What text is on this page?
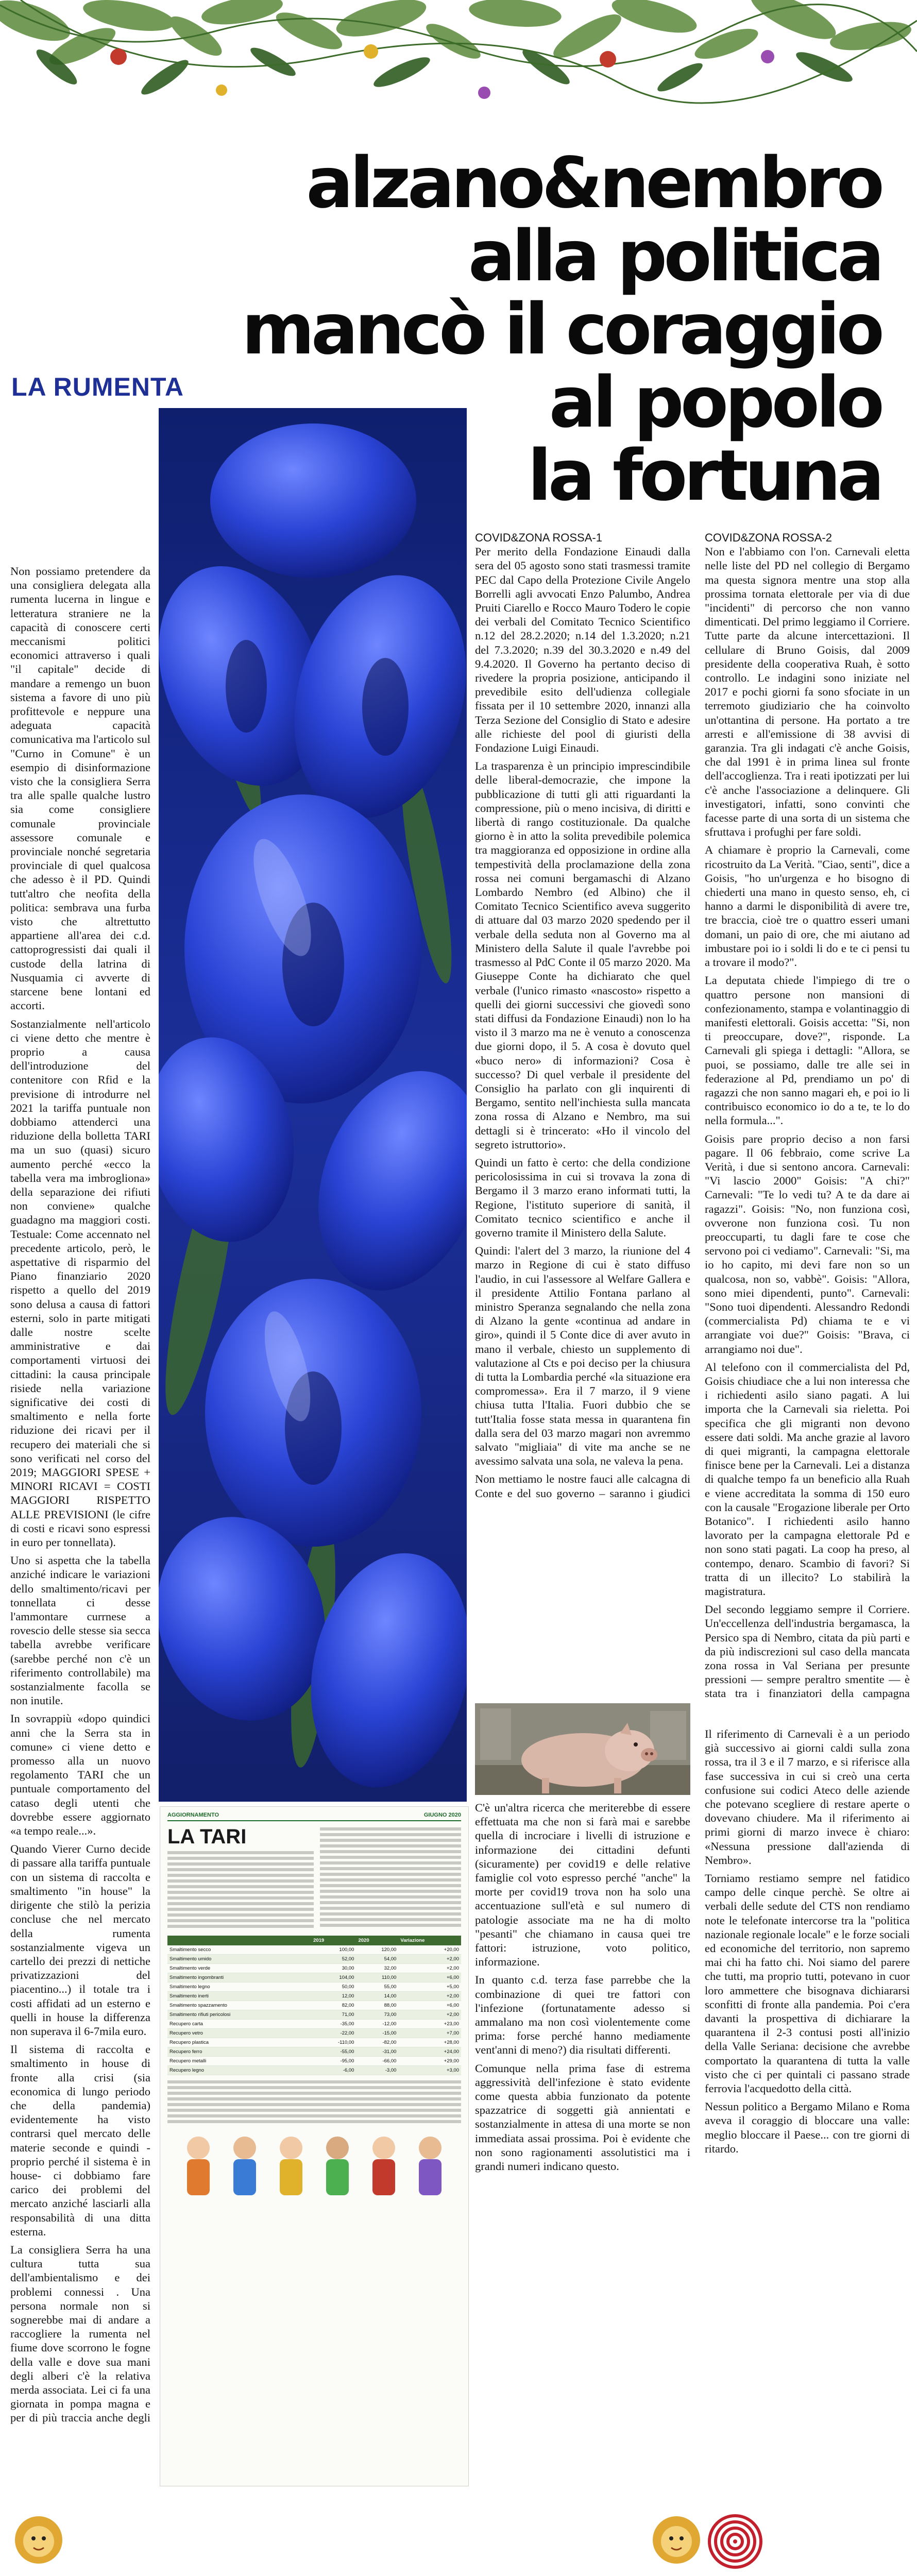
alzano&nembro
alla politica
mancò il coraggio
al popolo
la fortuna
LA RUMENTA

Non possiamo pretendere da una consigliera delegata alla rumenta lucerna in lingue e letteratura straniere ne la capacità di conoscere certi meccanismi politici economici attraverso i quali "il capitale" decide di mandare a remengo un buon sistema a favore di uno più profittevole e neppure una adeguata capacità comunicativa ma l'articolo sul "Curno in Comune" è un esempio di disinformazione visto che la consigliera Serra tra alle spalle qualche lustro sia come consigliere comunale provinciale assessore comunale e provinciale nonché segretaria provinciale di quel qualcosa che adesso è il PD. Quindi tutt'altro che neofita della politica: sembrava una furba visto che altrettutto appartiene all'area dei c.d. cattoprogressisti dai quali il custode della latrina di Nusquamia ci avverte di starcene bene lontani ed accorti.

Sostanzialmente nell'articolo ci viene detto che mentre è proprio a causa dell'introduzione del contenitore con Rfid e la previsione di introdurre nel 2021 la tariffa puntuale non dobbiamo attenderci una riduzione della bolletta TARI ma un suo (quasi) sicuro aumento perché «ecco la tabella vera ma imbrogliona» della separazione dei rifiuti non conviene» qualche guadagno ma maggiori costi. Testuale: Come accennato nel precedente articolo, però, le aspettative di risparmio del Piano finanziario 2020 rispetto a quello del 2019 sono delusa a causa di fattori esterni, solo in parte mitigati dalle nostre scelte amministrative e dai comportamenti virtuosi dei cittadini: la causa principale risiede nella variazione significative dei costi di smaltimento e nella forte riduzione dei ricavi per il recupero dei materiali che si sono verificati nel corso del 2019; MAGGIORI SPESE + MINORI RICAVI = COSTI MAGGIORI RISPETTO ALLE PREVISIONI (le cifre di costi e ricavi sono espressi in euro per tonnellata).

Uno si aspetta che la tabella anziché indicare le variazioni dello smaltimento/ricavi per tonnellata ci desse l'ammontare currnese a rovescio delle stesse sia secca tabella avrebbe verificare (sarebbe perché non c'è un riferimento controllabile) ma sostanzialmente facolla se non inutile.

In sovrappiù «dopo quindici anni che la Serra sta in comune» ci viene detto e promesso alla un nuovo regolamento TARI che un puntuale comportamento del cataso degli utenti che dovrebbe essere aggiornato «a tempo reale...».

Quando Vierer Curno decide di passare alla tariffa puntuale con un sistema di raccolta e smaltimento "in house" la dirigente che stilò la perizia concluse che nel mercato della rumenta sostanzialmente vigeva un cartello dei prezzi di nettiche privatizzazioni del piacentino...) il totale tra i costi affidati ad un esterno e quelli in house la differenza non superava il 6-7mila euro.

Il sistema di raccolta e smaltimento in house di fronte alla crisi (sia economica di lungo periodo che della pandemia) evidentemente ha visto contrarsi quel mercato delle materie seconde e quindi -proprio perché il sistema è in house- ci dobbiamo fare carico dei problemi del mercato anziché lasciarli alla responsabilità di una ditta esterna.

La consigliera Serra ha una cultura tutta sua dell'ambientalismo e dei problemi connessi . Una persona normale non si sognerebbe mai di andare a raccogliere la rumenta nel fiume dove scorrono le fogne della valle e dove sua mani degli alberi c'è la relativa merda associata. Lei ci fa una giornata in pompa magna e per di più traccia anche degli

COVID&ZONA ROSSA-1

Per merito della Fondazione Einaudi dalla sera del 05 agosto sono stati trasmessi tramite PEC dal Capo della Protezione Civile Angelo Borrelli agli avvocati Enzo Palumbo, Andrea Pruiti Ciarello e Rocco Mauro Todero le copie dei verbali del Comitato Tecnico Scientifico n.12 del 28.2.2020; n.14 del 1.3.2020; n.21 del 7.3.2020; n.39 del 30.3.2020 e n.49 del 9.4.2020. Il Governo ha pertanto deciso di rivedere la propria posizione, anticipando il prevedibile esito dell'udienza collegiale fissata per il 10 settembre 2020, innanzi alla Terza Sezione del Consiglio di Stato e adesire alle richieste del pool di giuristi della Fondazione Luigi Einaudi.

La trasparenza è un principio imprescindibile delle liberal-democrazie, che impone la pubblicazione di tutti gli atti riguardanti la compressione, più o meno incisiva, di diritti e libertà di rango costituzionale. Da qualche giorno è in atto la solita prevedibile polemica tra maggioranza ed opposizione in ordine alla tempestività della proclamazione della zona rossa nei comuni bergamaschi di Alzano Lombardo Nembro (ed Albino) che il Comitato Tecnico Scientifico aveva suggerito di attuare dal 03 marzo 2020 spedendo per il verbale della seduta non al Governo ma al Ministero della Salute il quale l'avrebbe poi trasmesso al PdC Conte il 05 marzo 2020. Ma Giuseppe Conte ha dichiarato che quel verbale (l'unico rimasto «nascosto» rispetto a quelli dei giorni successivi che giovedì sono stati diffusi da Fondazione Einaudi) non lo ha visto il 3 marzo ma ne è venuto a conoscenza due giorni dopo, il 5. A cosa è dovuto quel «buco nero» di informazioni? Cosa è successo? Di quel verbale il presidente del Consiglio ha parlato con gli inquirenti di Bergamo, sentito nell'inchiesta sulla mancata zona rossa di Alzano e Nembro, ma sui dettagli si è trincerato: «Ho il vincolo del segreto istruttorio».

Quindi un fatto è certo: che della condizione pericolosissima in cui si trovava la zona di Bergamo il 3 marzo erano informati tutti, la Regione, l'istituto superiore di sanità, il Comitato tecnico scientifico e anche il governo tramite il Ministero della Salute.

Quindi: l'alert del 3 marzo, la riunione del 4 marzo in Regione di cui è stato diffuso l'audio, in cui l'assessore al Welfare Gallera e il presidente Attilio Fontana parlano al ministro Speranza segnalando che nella zona di Alzano la gente «continua ad andare in giro», quindi il 5 Conte dice di aver avuto in mano il verbale, chiesto un supplemento di valutazione al Cts e poi deciso per la chiusura di tutta la Lombardia perché «la situazione era compromessa». Era il 7 marzo, il 9 viene chiusa tutta l'Italia. Fuori dubbio che se tutt'Italia fosse stata messa in quarantena fin dalla sera del 03 marzo magari non avremmo salvato "migliaia" di vite ma anche se ne avessimo salvata una sola, ne valeva la pena.

Non mettiamo le nostre fauci alle calcagna di Conte e del suo governo – saranno i giudici

COVID&ZONA ROSSA-2

Non e l'abbiamo con l'on. Carnevali eletta nelle liste del PD nel collegio di Bergamo ma questa signora mentre una stop alla prossima tornata elettorale per via di due "incidenti" di percorso che non vanno dimenticati. Del primo leggiamo il Corriere. Tutte parte da alcune intercettazioni. Il cellulare di Bruno Goisis, dal 2009 presidente della cooperativa Ruah, è sotto controllo. Le indagini sono iniziate nel 2017 e pochi giorni fa sono sfociate in un terremoto giudiziario che ha coinvolto un'ottantina di persone. Ha portato a tre arresti e all'emissione di 38 avvisi di garanzia. Tra gli indagati c'è anche Goisis, che dal 1991 è in prima linea sul fronte dell'accoglienza. Tra i reati ipotizzati per lui c'è anche l'associazione a delinquere. Gli investigatori, infatti, sono convinti che facesse parte di una sorta di un sistema che sfruttava i profughi per fare soldi.

A chiamare è proprio la Carnevali, come ricostruito da La Verità. "Ciao, senti", dice a Goisis, "ho un'urgenza e ho bisogno di chiederti una mano in questo senso, eh, ci hanno a darmi le disponibilità di avere tre, tre braccia, cioè tre o quattro esseri umani domani, un paio di ore, che mi aiutano ad imbustare poi io i soldi li do e te ci pensi tu a trovare il modo?".

La deputata chiede l'impiego di tre o quattro persone non mansioni di confezionamento, stampa e volantinaggio di manifesti elettorali. Goisis accetta: "Si, non ti preoccupare, dove?", risponde. La Carnevali gli spiega i dettagli: "Allora, se puoi, se possiamo, dalle tre alle sei in federazione al Pd, prendiamo un po' di ragazzi che non sanno magari eh, e poi io li contribuisco economico io do a te, te lo do nella formula...".

Goisis pare proprio deciso a non farsi pagare. Il 06 febbraio, come scrive La Verità, i due si sentono ancora. Carnevali: "Vi lascio 2000" Goisis: "A chi?" Carnevali: "Te lo vedi tu? A te da dare ai ragazzi". Goisis: "No, non funziona così, ovverone non funziona così. Tu non preoccuparti, tu dagli fare te cose che servono poi ci vediamo". Carnevali: "Si, ma io ho capito, mi devi fare non so un qualcosa, non so, vabbè". Goisis: "Allora, sono miei dipendenti, punto". Carnevali: "Sono tuoi dipendenti. Alessandro Redondi (commercialista Pd) chiama te e vi arrangiate voi due?" Goisis: "Brava, ci arrangiamo noi due".

Al telefono con il commercialista del Pd, Goisis chiudiace che a lui non interessa che i richiedenti asilo siano pagati. A lui importa che la Carnevali sia rieletta. Poi specifica che gli migranti non devono essere dati soldi. Ma anche grazie al lavoro di quei migranti, la campagna elettorale finisce bene per la Carnevali. Lei a distanza di qualche tempo fa un beneficio alla Ruah e viene accreditata la somma di 150 euro con la causale "Erogazione liberale per Orto Botanico". I richiedenti asilo hanno lavorato per la campagna elettorale Pd e non sono stati pagati. La coop ha preso, al contempo, denaro. Scambio di favori? Si tratta di un illecito? Lo stabilirà la magistratura.

Del secondo leggiamo sempre il Corriere. Un'eccellenza dell'industria bergamasca, la Persico spa di Nembro, citata da più parti e da più indiscrezioni sul caso della mancata zona rossa in Val Seriana per presunte pressioni — sempre peraltro smentite — è stata tra i finanziatori della campagna

C'è un'altra ricerca che meriterebbe di essere effettuata ma che non si farà mai e sarebbe quella di incrociare i livelli di istruzione e informazione dei cittadini defunti (sicuramente) per covid19 e delle relative famiglie col voto espresso perché "anche" la morte per covid19 trova non ha solo una accentuazione sull'età e sul numero di patologie associate ma ne ha di molto "pesanti" che chiamano in causa quei tre fattori: istruzione, voto politico, informazione.

In quanto c.d. terza fase parrebbe che la combinazione di quei tre fattori con l'infezione (fortunatamente adesso si ammalano ma non così violentemente come prima: forse perché hanno mediamente vent'anni di meno?) dia risultati differenti.

Comunque nella prima fase di estrema aggressività dell'infezione è stato evidente come questa abbia funzionato da potente spazzatrice di soggetti già annientati e sostanzialmente in attesa di una morte se non immediata assai prossima. Poi è evidente che non sono ragionamenti assolutistici ma i grandi numeri indicano questo.

Il riferimento di Carnevali è a un periodo già successivo ai giorni caldi sulla zona rossa, tra il 3 e il 7 marzo, e si riferisce alla fase successiva in cui si creò una certa confusione sui codici Ateco delle aziende che potevano scegliere di restare aperte o dovevano chiudere. Ma il riferimento ai primi giorni di marzo invece è chiaro: «Nessuna pressione dall'azienda di Nembro».

Torniamo restiamo sempre nel fatidico campo delle cinque perchè. Se oltre ai verbali delle sedute del CTS non rendiamo note le telefonate intercorse tra la "politica nazionale regionale locale" e le forze sociali ed economiche del territorio, non sapremo mai chi ha fatto chi. Noi siamo del parere che tutti, ma proprio tutti, potevano in cuor loro ammettere che bisognava dichiararsi sconfitti di fronte alla pandemia. Poi c'era davanti la prospettiva di dichiarare la quarantena il 2-3 contusi posti all'inizio della Valle Seriana: decisione che avrebbe comportato la quarantena di tutta la valle visto che ci per quintali ci passano strade ferrovia l'acquedotto della città.

Nessun politico a Bergamo Milano e Roma aveva il coraggio di bloccare una valle: meglio bloccare il Paese... con tre giorni di ritardo.

AGGIORNAMENTO	GIUGNO 2020
LA TARI
	2019	2020	Variazione
Smaltimento secco	100,00	120,00	+20,00
Smaltimento umido	52,00	54,00	+2,00
Smaltimento verde	30,00	32,00	+2,00
Smaltimento ingombranti	104,00	110,00	+6,00
Smaltimento legno	50,00	55,00	+5,00
Smaltimento inerti	12,00	14,00	+2,00
Smaltimento spazzamento	82,00	88,00	+6,00
Smaltimento rifiuti pericolosi	71,00	73,00	+2,00
Recupero carta	-35,00	-12,00	+23,00
Recupero vetro	-22,00	-15,00	+7,00
Recupero plastica	-110,00	-82,00	+28,00
Recupero ferro	-55,00	-31,00	+24,00
Recupero metalli	-95,00	-66,00	+29,00
Recupero legno	-6,00	-3,00	+3,00
